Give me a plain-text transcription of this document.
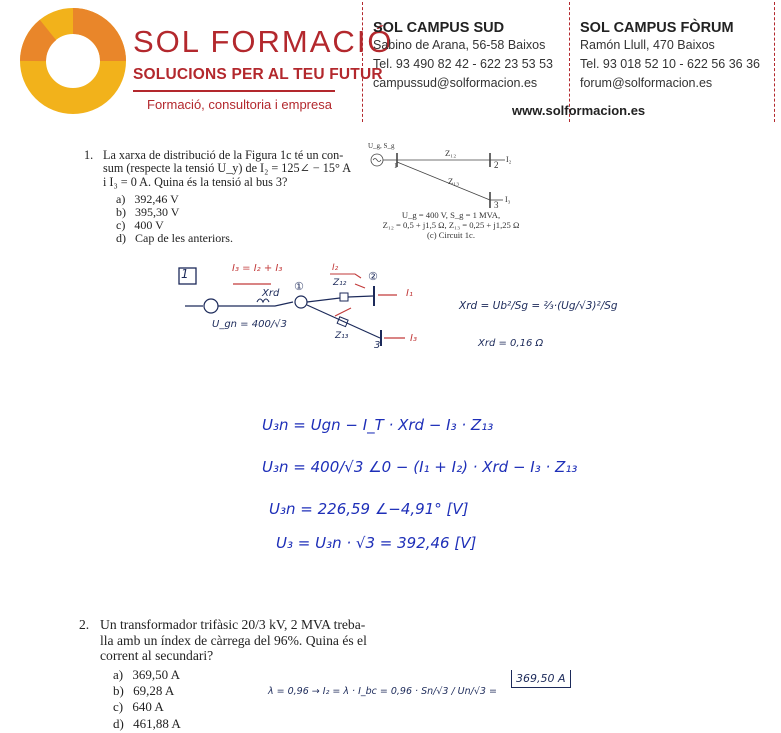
SOL FORMACIÓ
SOLUCIONS PER AL TEU FUTUR
Formació, consultoria i empresa
SOL CAMPUS SUD
Sabino de Arana, 56-58 Baixos
Tel. 93 490 82 42 - 622 23 53 53
campussud@solformacion.es
SOL CAMPUS FÒRUM
Ramón Llull, 470 Baixos
Tel. 93 018 52 10 - 622 56 36 36
forum@solformacion.es
www.solformacion.es
1. La xarxa de distribució de la Figura 1c té un con-
sum (respecte la tensió U_y) de I₂ = 125∠ − 15° A
i I₃ = 0 A. Quina és la tensió al bus 3?
a) 392,46 V
b) 395,30 V
c) 400 V
d) Cap de les anteriors.
U_g, S_g
1
Z₁₂
Z₁₃
2
I₂
3
I₃
U_g = 400 V, S_g = 1 MVA,
Z₁₂ = 0,5 + j1,5 Ω, Z₁₃ = 0,25 + j1,25 Ω
(c) Circuit 1c.
1	I₃ = I₂ + I₃
Xrd
U_gn = 400/√3
①
②
Z₁₂
Z₁₃
3
I₁
I₂
I₃
Xrd = Ub²/Sg = ⅔·(Ug/√3)²/Sg
Xrd = 0,16 Ω
U₃n = Ugn − I_T · Xrd − I₃ · Z₁₃
U₃n = 400/√3 ∠0 − (I₁ + I₂) · Xrd − I₃ · Z₁₃
U₃n = 226,59 ∠−4,91° [V]
U₃ = U₃n · √3 = 392,46 [V]
2. Un transformador trifàsic 20/3 kV, 2 MVA treba-
lla amb un índex de càrrega del 96%. Quina és el
corrent al secundari?
a) 369,50 A
b) 69,28 A
c) 640 A
d) 461,88 A
λ = 0,96 → I₂ = λ · I_bc = 0,96 · Sn/√3 / Un/√3 =
369,50 A
